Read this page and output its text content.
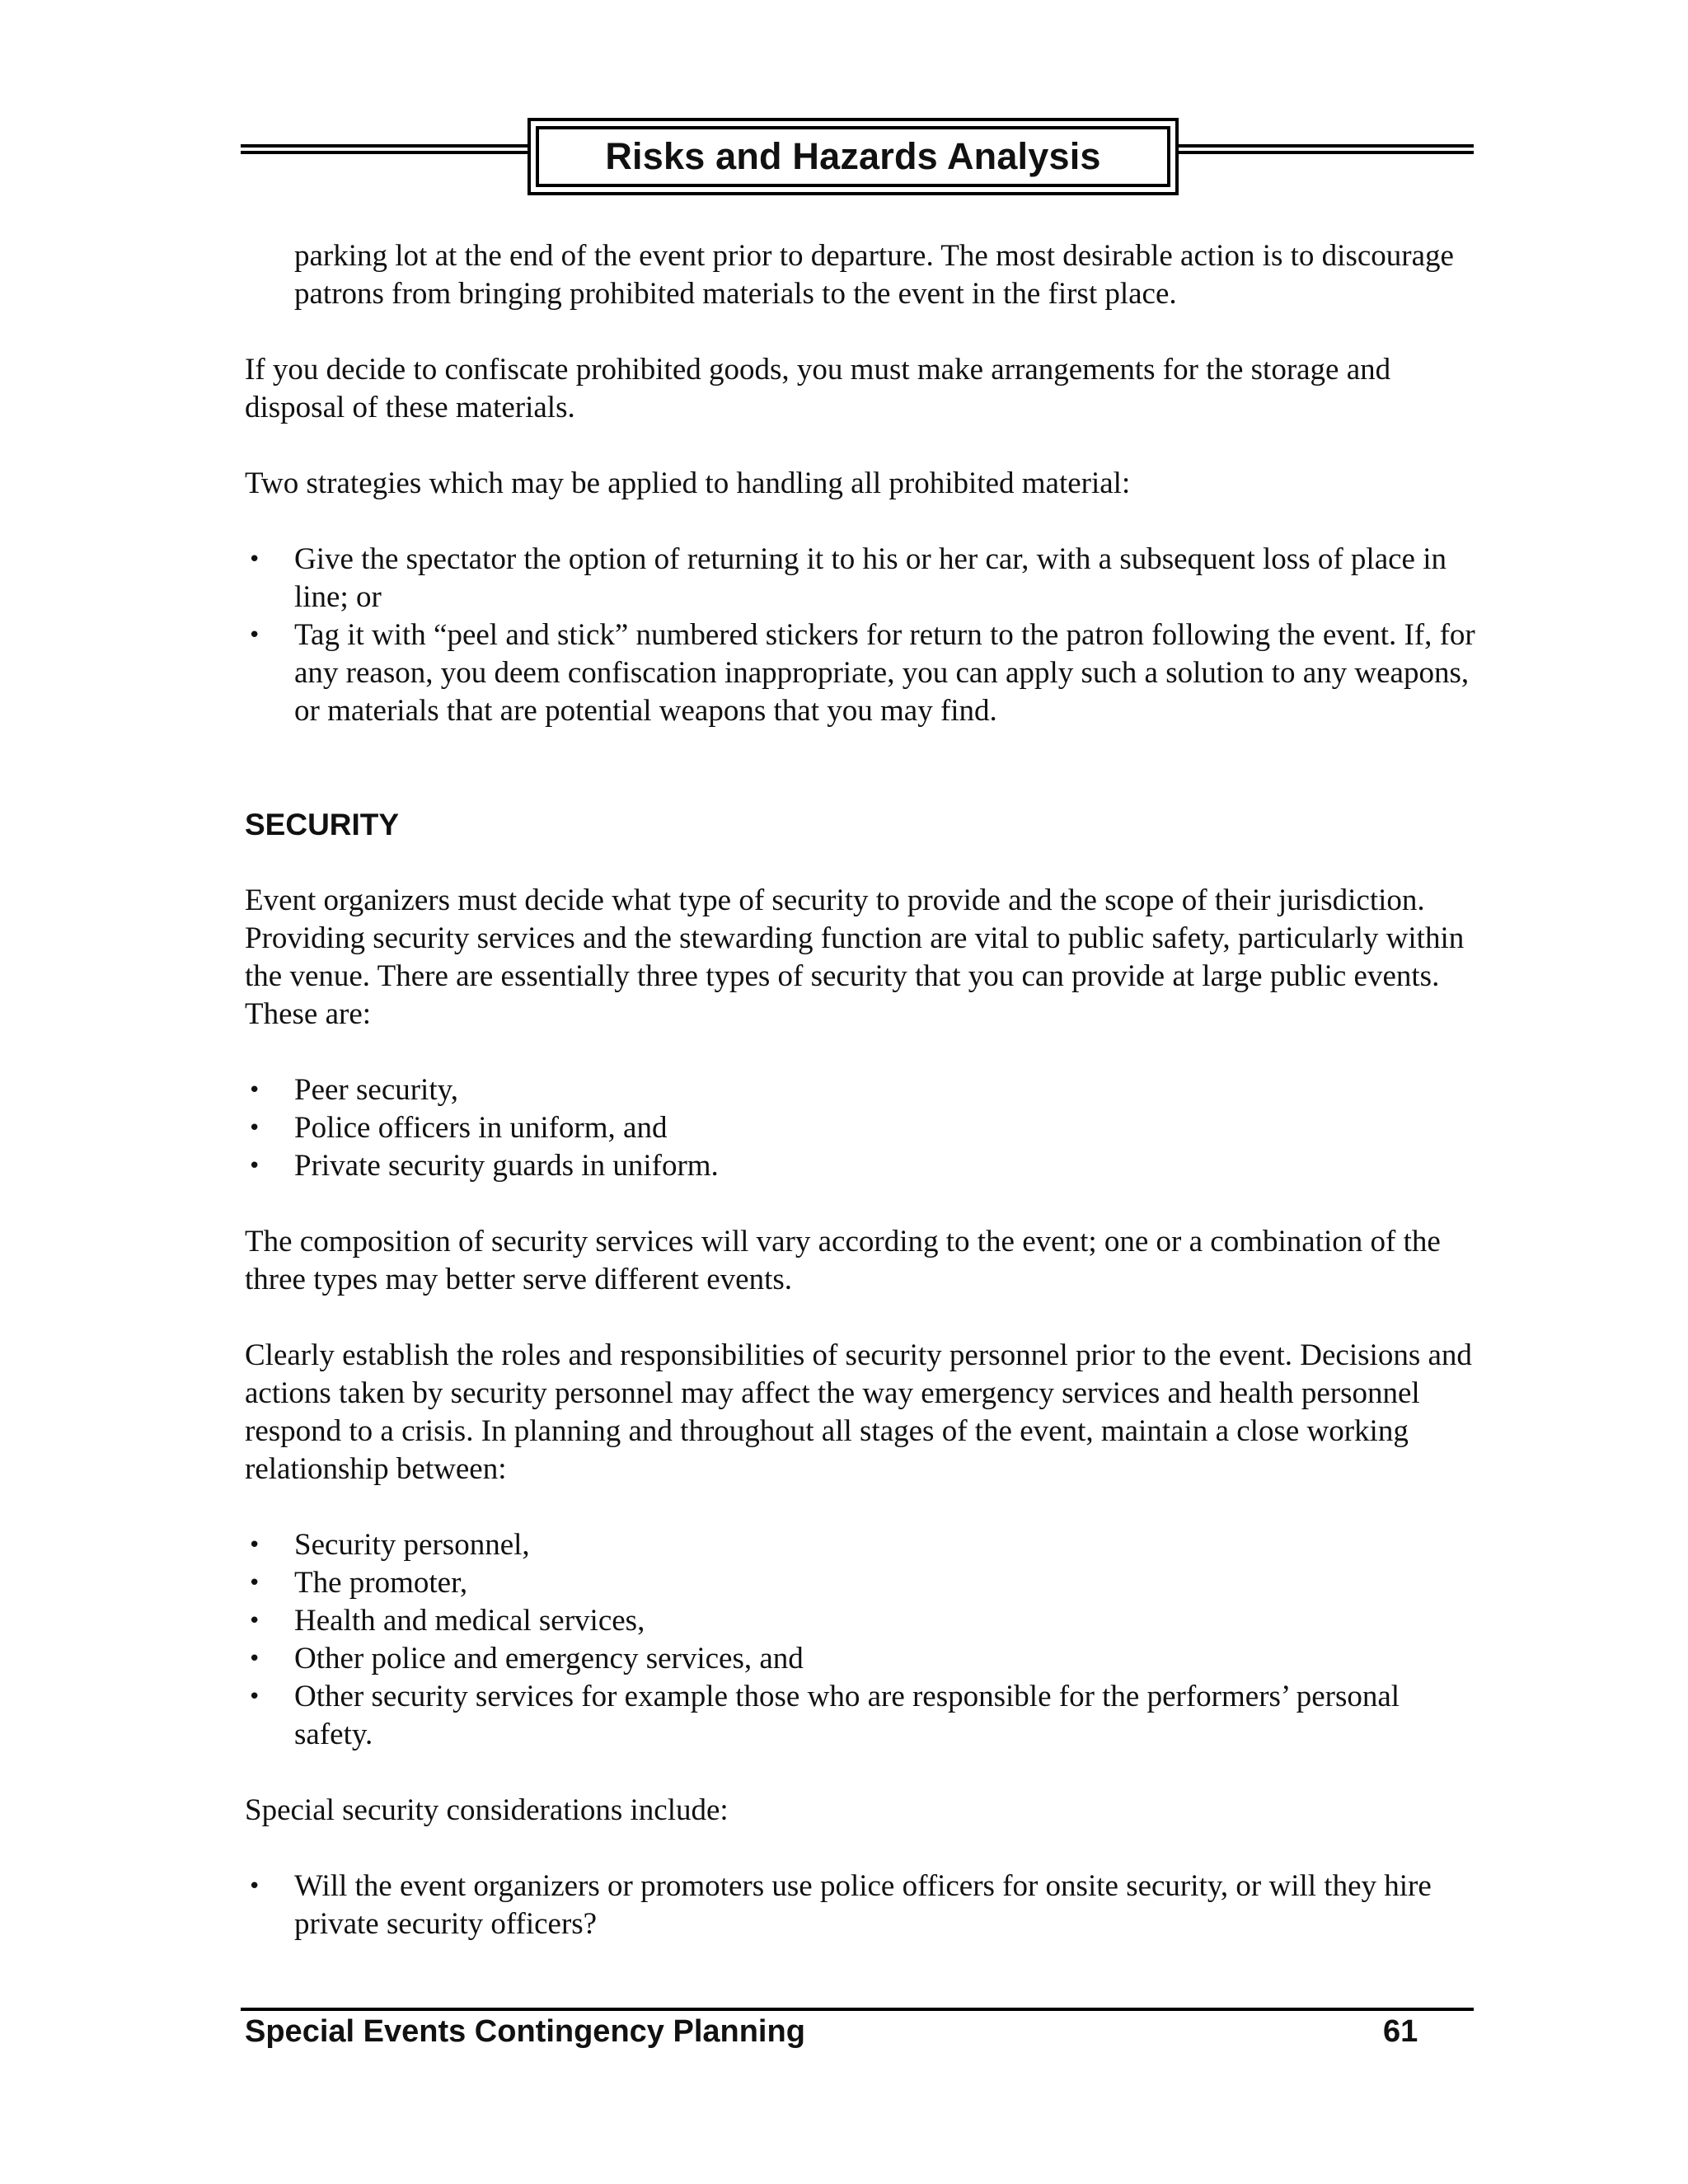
Risks and Hazards Analysis

parking lot at the end of the event prior to departure. The most desirable action is to discourage patrons from bringing prohibited materials to the event in the first place.

If you decide to confiscate prohibited goods, you must make arrangements for the storage and disposal of these materials.

Two strategies which may be applied to handling all prohibited material:

• Give the spectator the option of returning it to his or her car, with a subsequent loss of place in line; or
• Tag it with “peel and stick” numbered stickers for return to the patron following the event. If, for any reason, you deem confiscation inappropriate, you can apply such a solution to any weapons, or materials that are potential weapons that you may find.

SECURITY

Event organizers must decide what type of security to provide and the scope of their jurisdiction. Providing security services and the stewarding function are vital to public safety, particularly within the venue. There are essentially three types of security that you can provide at large public events. These are:

• Peer security,
• Police officers in uniform, and
• Private security guards in uniform.

The composition of security services will vary according to the event; one or a combination of the three types may better serve different events.

Clearly establish the roles and responsibilities of security personnel prior to the event. Decisions and actions taken by security personnel may affect the way emergency services and health personnel respond to a crisis. In planning and throughout all stages of the event, maintain a close working relationship between:

• Security personnel,
• The promoter,
• Health and medical services,
• Other police and emergency services, and
• Other security services for example those who are responsible for the performers’ personal safety.

Special security considerations include:

• Will the event organizers or promoters use police officers for onsite security, or will they hire private security officers?
Special Events Contingency Planning	61
